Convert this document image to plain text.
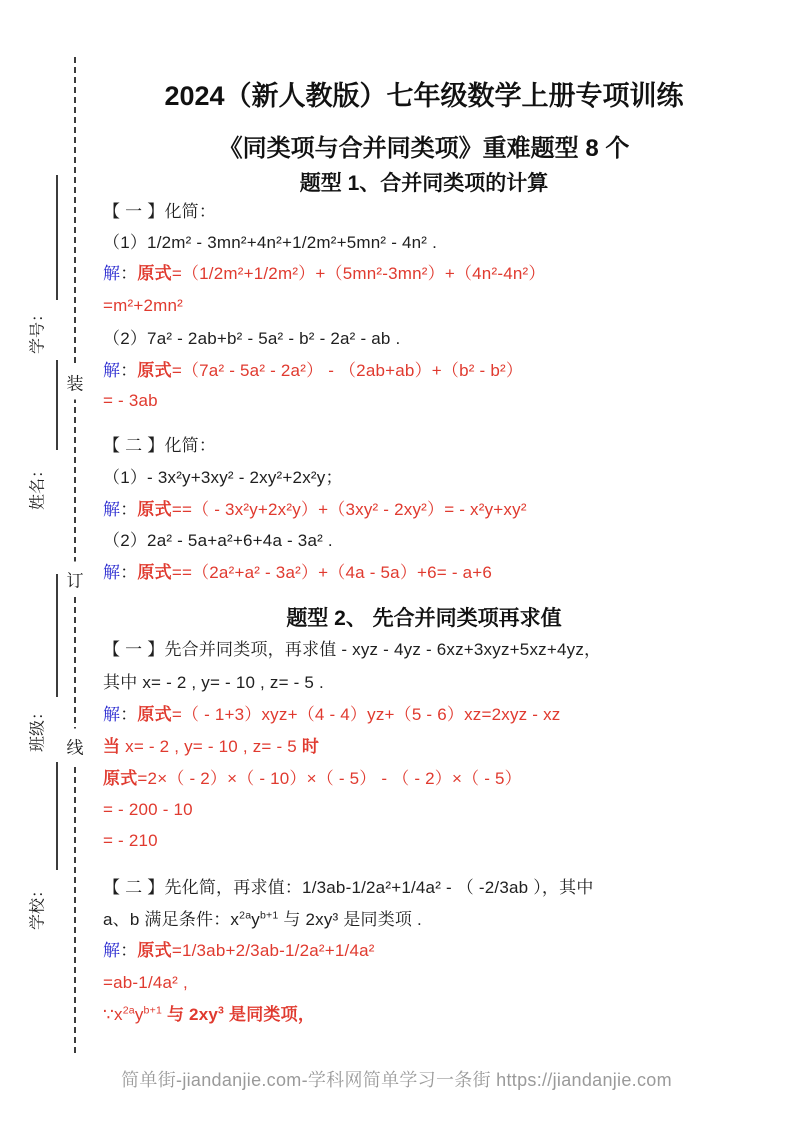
装
订
线
学号：
姓名：
班级：
学校：
2024（新人教版）七年级数学上册专项训练
《同类项与合并同类项》重难题型 8 个
题型 1、合并同类项的计算
【 一 】化简：
（1）1/2m² - 3mn²+4n²+1/2m²+5mn² - 4n² .
解：原式=（1/2m²+1/2m²）+（5mn²-3mn²）+（4n²-4n²）
=m²+2mn²
（2）7a² - 2ab+b² - 5a² - b² - 2a² - ab .
解：原式=（7a² - 5a² - 2a²） - （2ab+ab）+（b² - b²）
= - 3ab
【 二 】化简：
（1）- 3x²y+3xy² - 2xy²+2x²y；
解：原式==（ - 3x²y+2x²y）+（3xy² - 2xy²）= - x²y+xy²
（2）2a² - 5a+a²+6+4a - 3a² .
解：原式==（2a²+a² - 3a²）+（4a - 5a）+6= - a+6
题型 2、 先合并同类项再求值
【 一 】先合并同类项，再求值 - xyz - 4yz - 6xz+3xyz+5xz+4yz，
其中 x= - 2 , y= - 10 , z= - 5 .
解：原式=（ - 1+3）xyz+（4 - 4）yz+（5 - 6）xz=2xyz - xz
当 x= - 2 , y= - 10 , z= - 5 时
原式=2×（ - 2）×（ - 10）×（ - 5） - （ - 2）×（ - 5）
= - 200 - 10
= - 210
【 二 】先化简，再求值：1/3ab-1/2a²+1/4a² - （ -2/3ab ），其中
a、b 满足条件：$x^{2a}y^{b+1}$ 与 2xy³ 是同类项 .
解：原式=1/3ab+2/3ab-1/2a²+1/4a²
=ab-1/4a² ,
$\because x^{2a}y^{b+1}$ 与 $2xy^3$ 是同类项，
简单街-jiandanjie.com-学科网简单学习一条街 https://jiandanjie.com
